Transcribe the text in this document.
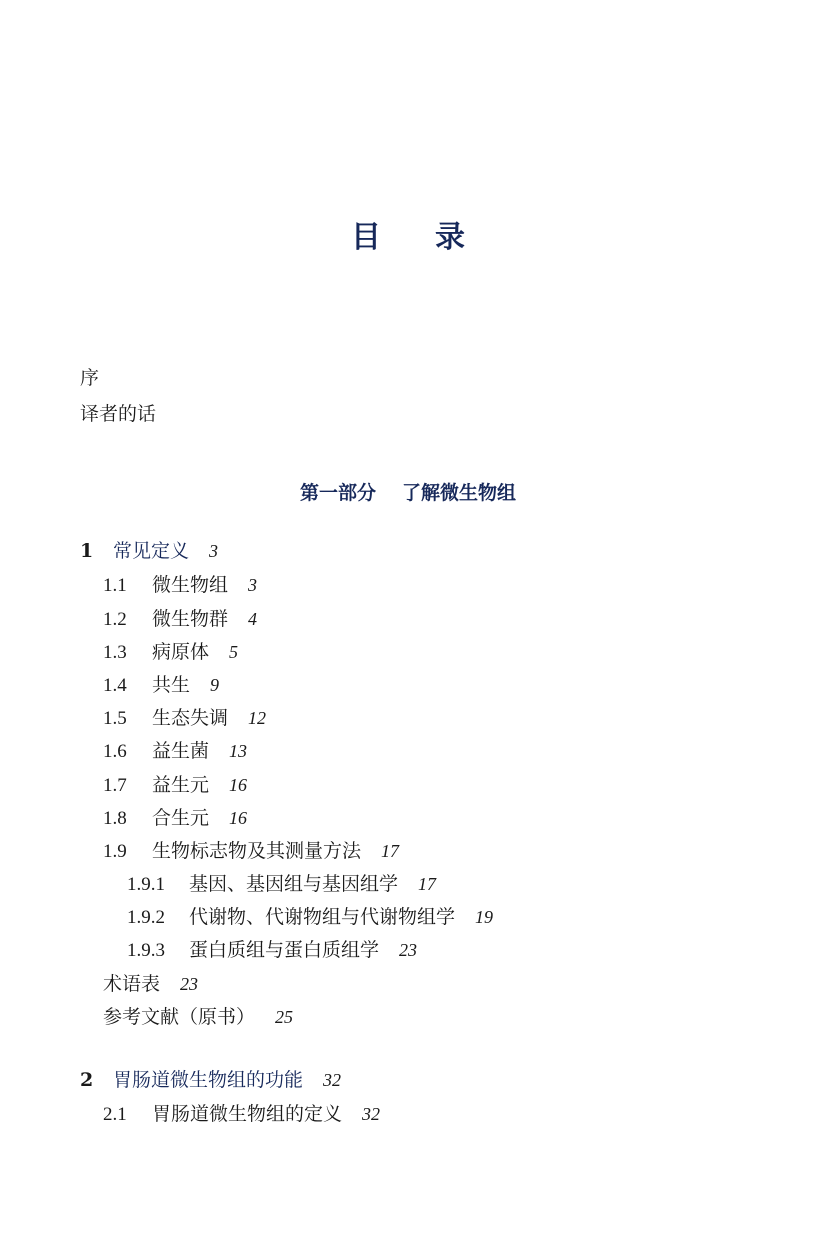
目 录
序
译者的话
第一部分 了解微生物组
1 常见定义 3
1.1 微生物组 3
1.2 微生物群 4
1.3 病原体 5
1.4 共生 9
1.5 生态失调 12
1.6 益生菌 13
1.7 益生元 16
1.8 合生元 16
1.9 生物标志物及其测量方法 17
1.9.1 基因、基因组与基因组学 17
1.9.2 代谢物、代谢物组与代谢物组学 19
1.9.3 蛋白质组与蛋白质组学 23
术语表 23
参考文献（原书） 25
2 胃肠道微生物组的功能 32
2.1 胃肠道微生物组的定义 32
